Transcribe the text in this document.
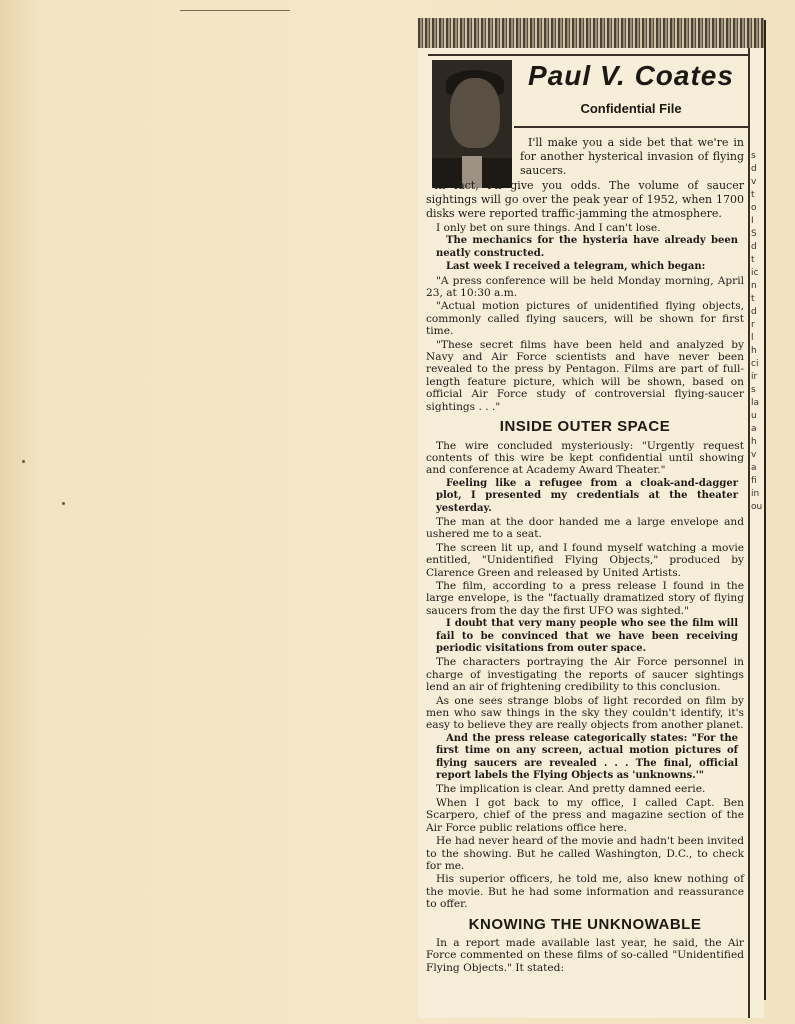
Paul V. Coates
Confidential File

I'll make you a side bet that we're in for another hysterical invasion of flying saucers.

In fact, I'll give you odds. The volume of saucer sightings will go over the peak year of 1952, when 1700 disks were reported traffic-jamming the atmosphere.

I only bet on sure things. And I can't lose.

The mechanics for the hysteria have already been neatly constructed.

Last week I received a telegram, which began:

"A press conference will be held Monday morning, April 23, at 10:30 a.m.

"Actual motion pictures of unidentified flying objects, commonly called flying saucers, will be shown for first time.

"These secret films have been held and analyzed by Navy and Air Force scientists and have never been revealed to the press by Pentagon. Films are part of full-length feature picture, which will be shown, based on official Air Force study of controversial flying-saucer sightings . . ."

INSIDE OUTER SPACE

The wire concluded mysteriously: "Urgently request contents of this wire be kept confidential until showing and conference at Academy Award Theater."

Feeling like a refugee from a cloak-and-dagger plot, I presented my credentials at the theater yesterday.

The man at the door handed me a large envelope and ushered me to a seat.

The screen lit up, and I found myself watching a movie entitled, "Unidentified Flying Objects," produced by Clarence Green and released by United Artists.

The film, according to a press release I found in the large envelope, is the "factually dramatized story of flying saucers from the day the first UFO was sighted."

I doubt that very many people who see the film will fail to be convinced that we have been receiving periodic visitations from outer space.

The characters portraying the Air Force personnel in charge of investigating the reports of saucer sightings lend an air of frightening credibility to this conclusion.

As one sees strange blobs of light recorded on film by men who saw things in the sky they couldn't identify, it's easy to believe they are really objects from another planet.

And the press release categorically states: "For the first time on any screen, actual motion pictures of flying saucers are revealed . . . The final, official report labels the Flying Objects as 'unknowns.'"

The implication is clear. And pretty damned eerie.

When I got back to my office, I called Capt. Ben Scarpero, chief of the press and magazine section of the Air Force public relations office here.

He had never heard of the movie and hadn't been invited to the showing. But he called Washington, D.C., to check for me.

His superior officers, he told me, also knew nothing of the movie. But he had some information and reassurance to offer.

KNOWING THE UNKNOWABLE

In a report made available last year, he said, the Air Force commented on these films of so-called "Unidentified Flying Objects." It stated:

s
d
v
t
o
I
S
d
t
ic
n
t
d
r
l
h
ci
ir
s
la
u
a
h
v
a
fi
in
ou
